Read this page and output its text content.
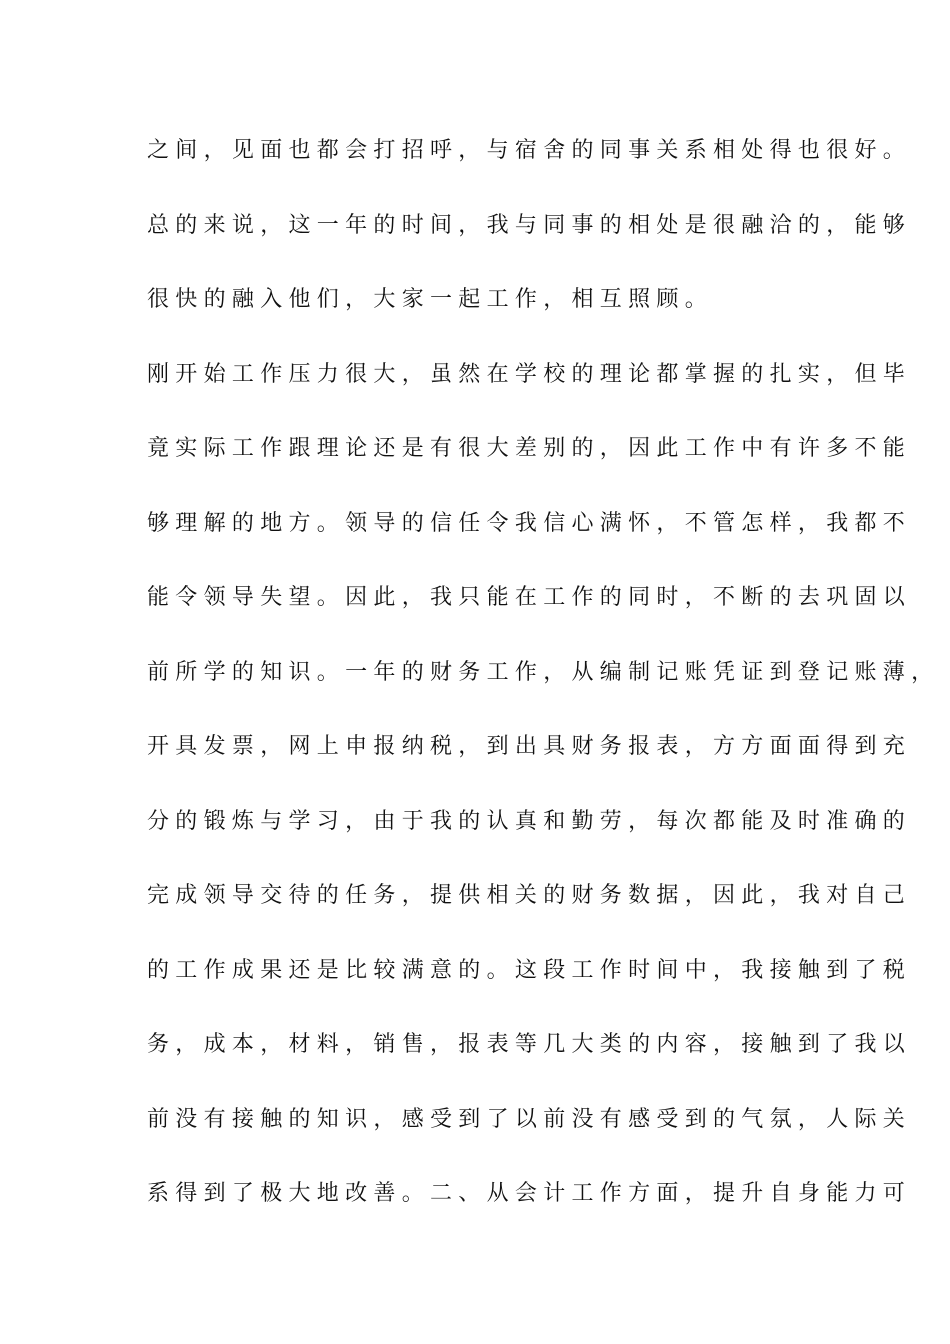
之间，见面也都会打招呼，与宿舍的同事关系相处得也很好。
总的来说，这一年的时间，我与同事的相处是很融洽的，能够
很快的融入他们，大家一起工作，相互照顾。
刚开始工作压力很大，虽然在学校的理论都掌握的扎实，但毕
竟实际工作跟理论还是有很大差别的，因此工作中有许多不能
够理解的地方。领导的信任令我信心满怀，不管怎样，我都不
能令领导失望。因此，我只能在工作的同时，不断的去巩固以
前所学的知识。一年的财务工作，从编制记账凭证到登记账薄，
开具发票，网上申报纳税，到出具财务报表，方方面面得到充
分的锻炼与学习，由于我的认真和勤劳，每次都能及时准确的
完成领导交待的任务，提供相关的财务数据，因此，我对自己
的工作成果还是比较满意的。这段工作时间中，我接触到了税
务，成本，材料，销售，报表等几大类的内容，接触到了我以
前没有接触的知识，感受到了以前没有感受到的气氛，人际关
系得到了极大地改善。二、从会计工作方面，提升自身能力可
